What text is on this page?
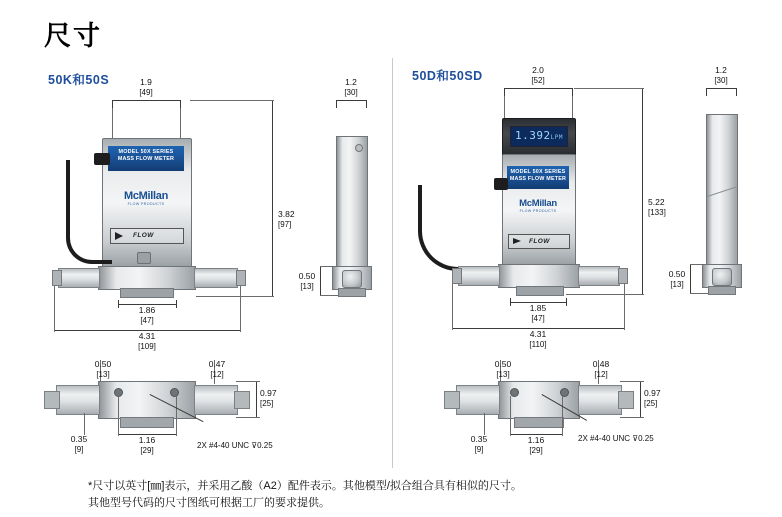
尺寸
50K和50S	50D和50SD
1.9
[49]
MODEL 50X SERIES
MASS FLOW METER
McMillan
FLOW PRODUCTS
FLOW
3.82
[97]
1.86
[47]
4.31
[109]
1.2
[30]
0.50
[13]
0.50
[13]
0.47
[12]
0.97
[25]
0.35
[9]
1.16
[29]	2X #4-40 UNC ⊽0.25
2.0
[52]
1.392LPM
MODEL 50X SERIES
MASS FLOW METER
McMillan
FLOW PRODUCTS
FLOW
5.22
[133]
1.85
[47]
4.31
[110]
1.2
[30]
0.50
[13]
0.50
[13]
0.48
[12]
0.97
[25]
0.35
[9]
1.16
[29]
2X #4-40 UNC ⊽0.25
*尺寸以英寸[㎜]表示，并采用乙酸（A2）配件表示。其他模型/拟合组合具有相似的尺寸。
其他型号代码的尺寸图纸可根据工厂的要求提供。
